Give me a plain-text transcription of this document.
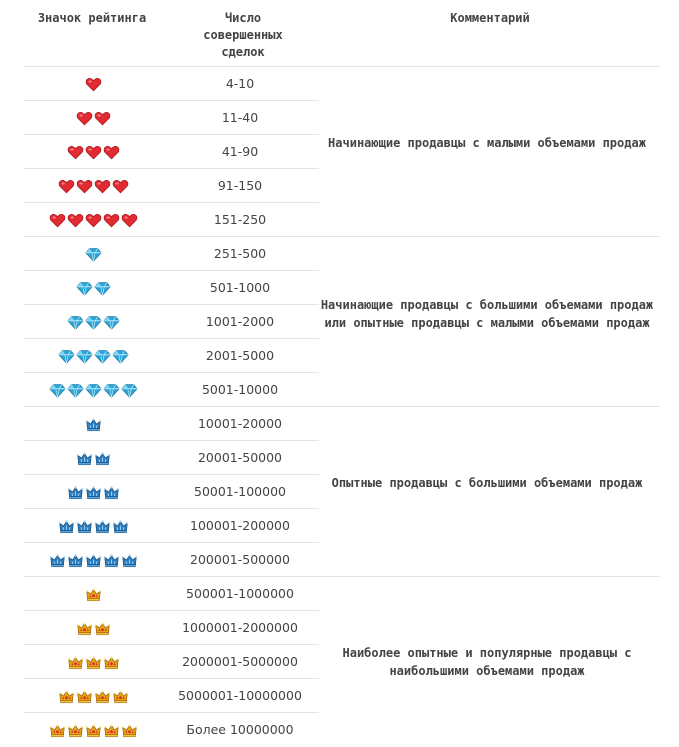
Значок рейтинга	Число совершенных сделок
Комментарий
4-10
11-40
41-90
91-150
151-250
251-500
501-1000
1001-2000
2001-5000
5001-10000
10001-20000
20001-50000
50001-100000
100001-200000
200001-500000
500001-1000000
1000001-2000000
2000001-5000000
5000001-10000000
Более 10000000
Начинающие продавцы с малыми объемами продаж
Начинающие продавцы с большими объемами продаж или опытные продавцы с малыми объемами продаж
Опытные продавцы с большими объемами продаж
Наиболее опытные и популярные продавцы с наибольшими объемами продаж
